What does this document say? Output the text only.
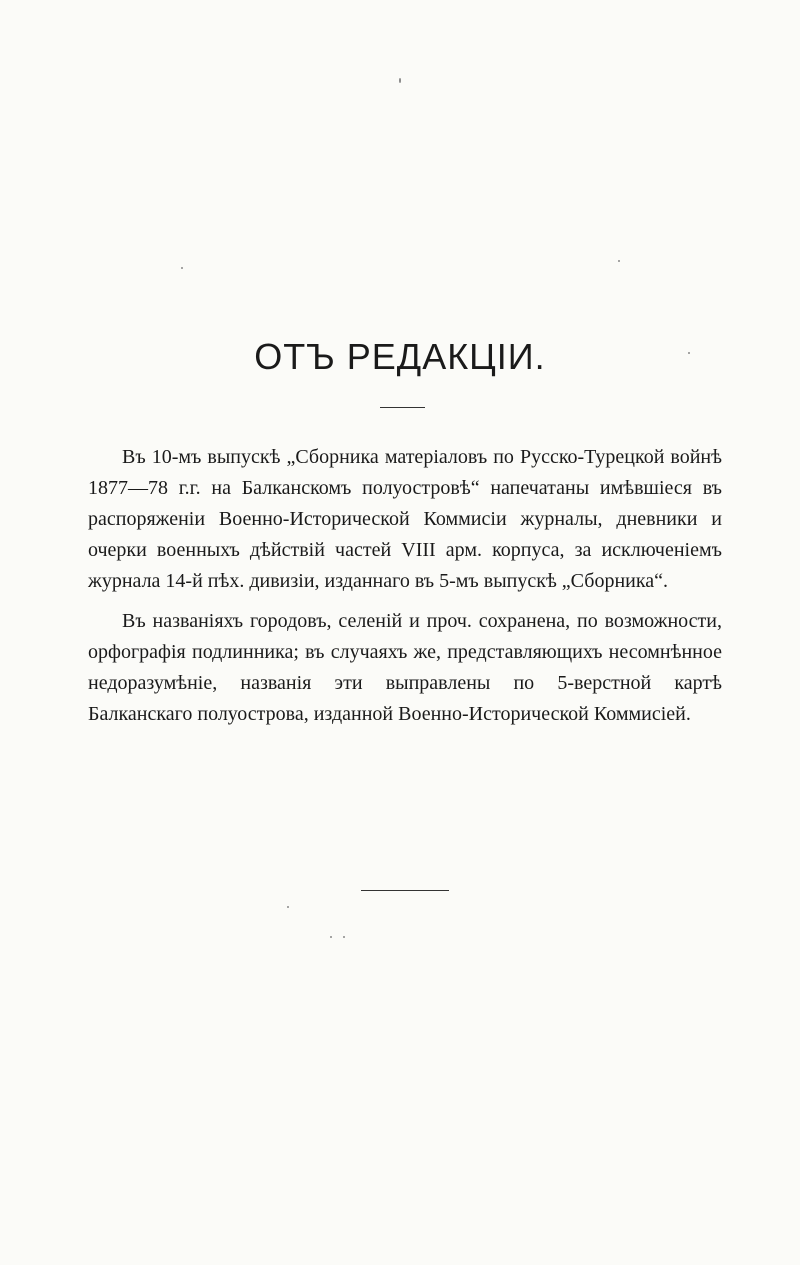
ОТЪ РЕДАКЦІИ.

Въ 10-мъ выпускѣ „Сборника матеріаловъ по Русско-Турецкой войнѣ 1877—78 г.г. на Балканскомъ полуостровѣ“ напечатаны имѣвшіеся въ распоряженіи Военно-Исторической Коммисіи журналы, дневники и очерки военныхъ дѣйствій частей VIII арм. корпуса, за исключеніемъ журнала 14-й пѣх. дивизіи, изданнаго въ 5-мъ выпускѣ „Сборника“.

Въ названіяхъ городовъ, селеній и проч. сохранена, по возможности, орфографія подлинника; въ случаяхъ же, представляющихъ несомнѣнное недоразумѣніе, названія эти выправлены по 5-верстной картѣ Балканскаго полуострова, изданной Военно-Исторической Коммисіей.
